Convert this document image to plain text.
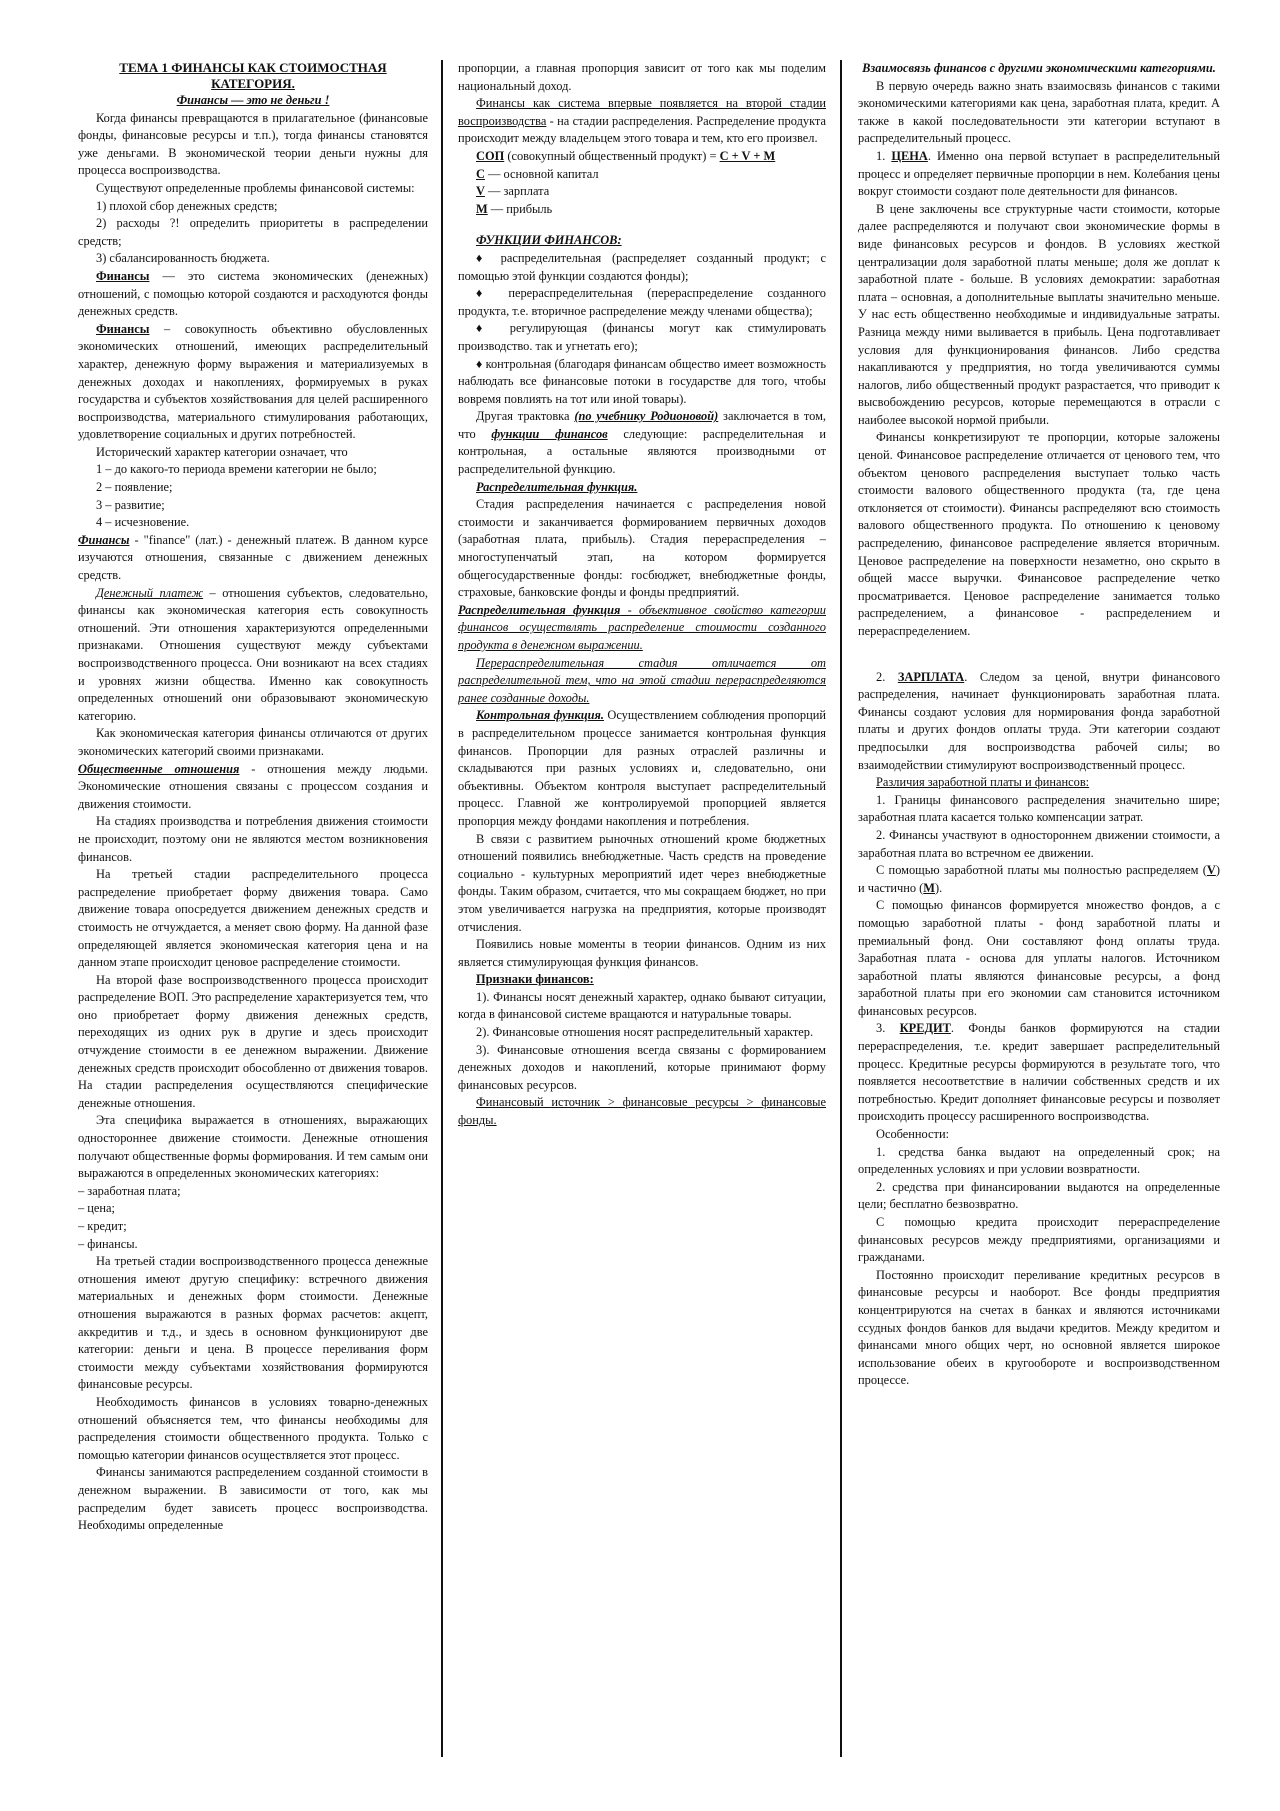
ТЕМА 1 ФИНАНСЫ КАК СТОИМОСТНАЯ КАТЕГОРИЯ.

Финансы — это не деньги !

Когда финансы превращаются в прилагательное (финансовые фонды, финансовые ресурсы и т.п.), тогда финансы становятся уже деньгами. В экономической теории деньги нужны для процесса воспроизводства.

Существуют определенные проблемы финансовой системы:

1) плохой сбор денежных средств;

2) расходы ?! определить приоритеты в распределении средств;

3) сбалансированность бюджета.

Финансы — это система экономических (денежных) отношений, с помощью которой создаются и расходуются фонды денежных средств.

Финансы – совокупность объективно обусловленных экономических отношений, имеющих распределительный характер, денежную форму выражения и материализуемых в денежных доходах и накоплениях, формируемых в руках государства и субъектов хозяйствования для целей расширенного воспроизводства, материального стимулирования работающих, удовлетворение социальных и других потребностей.

Исторический характер категории означает, что

1 – до какого-то периода времени категории не было;

2 – появление;

3 – развитие;

4 – исчезновение.

Финансы - "finance" (лат.) - денежный платеж. В данном курсе изучаются отношения, связанные с движением денежных средств.

Денежный платеж – отношения субъектов, следовательно, финансы как экономическая категория есть совокупность отношений. Эти отношения характеризуются определенными признаками. Отношения существуют между субъектами воспроизводственного процесса. Они возникают на всех стадиях и уровнях жизни общества. Именно как совокупность определенных отношений они образовывают экономическую категорию.

Как экономическая категория финансы отличаются от других экономических категорий своими признаками.

Общественные отношения - отношения между людьми. Экономические отношения связаны с процессом создания и движения стоимости.

На стадиях производства и потребления движения стоимости не происходит, поэтому они не являются местом возникновения финансов.

На третьей стадии распределительного процесса распределение приобретает форму движения товара. Само движение товара опосредуется движением денежных средств и стоимость не отчуждается, а меняет свою форму. На данной фазе определяющей является экономическая категория цена и на данном этапе происходит ценовое распределение стоимости.

На второй фазе воспроизводственного процесса происходит распределение ВОП. Это распределение характеризуется тем, что оно приобретает форму движения денежных средств, переходящих из одних рук в другие и здесь происходит отчуждение стоимости в ее денежном выражении. Движение денежных средств происходит обособленно от движения товаров. На стадии распределения осуществляются специфические денежные отношения.

Эта специфика выражается в отношениях, выражающих одностороннее движение стоимости. Денежные отношения получают общественные формы формирования. И тем самым они выражаются в определенных экономических категориях:

– заработная плата;

– цена;

– кредит;

– финансы.

На третьей стадии воспроизводственного процесса денежные отношения имеют другую специфику: встречного движения материальных и денежных форм стоимости. Денежные отношения выражаются в разных формах расчетов: акцепт, аккредитив и т.д., и здесь в основном функционируют две категории: деньги и цена. В процессе переливания форм стоимости между субъектами хозяйствования формируются финансовые ресурсы.

Необходимость финансов в условиях товарно-денежных отношений объясняется тем, что финансы необходимы для распределения стоимости общественного продукта. Только с помощью категории финансов осуществляется этот процесс.

Финансы занимаются распределением созданной стоимости в денежном выражении. В зависимости от того, как мы распределим будет зависеть процесс воспроизводства. Необходимы определенные

пропорции, а главная пропорция зависит от того как мы поделим национальный доход.

Финансы как система впервые появляется на второй стадии воспроизводства - на стадии распределения. Распределение продукта происходит между владельцем этого товара и тем, кто его произвел.

СОП (совокупный общественный продукт) = C + V + M

C — основной капитал

V — зарплата

M — прибыль

ФУНКЦИИ ФИНАНСОВ:

♦ распределительная (распределяет созданный продукт; с помощью этой функции создаются фонды);

♦ перераспределительная (перераспределение созданного продукта, т.е. вторичное распределение между членами общества);

♦ регулирующая (финансы могут как стимулировать производство. так и угнетать его);

♦ контрольная (благодаря финансам общество имеет возможность наблюдать все финансовые потоки в государстве для того, чтобы вовремя повлиять на тот или иной товары).

Другая трактовка (по учебнику Родионовой) заключается в том, что функции финансов следующие: распределительная и контрольная, а остальные являются производными от распределительной функцию.

Распределительная функция.

Стадия распределения начинается с распределения новой стоимости и заканчивается формированием первичных доходов (заработная плата, прибыль). Стадия перераспределения – многоступенчатый этап, на котором формируется общегосударственные фонды: госбюджет, внебюджетные фонды, страховые, банковские фонды и фонды предприятий.

Распределительная функция - объективное свойство категории финансов осуществлять распределение стоимости созданного продукта в денежном выражении.

Перераспределительная стадия отличается от распределительной тем, что на этой стадии перераспределяются ранее созданные доходы.

Контрольная функция. Осуществлением соблюдения пропорций в распределительном процессе занимается контрольная функция финансов. Пропорции для разных отраслей различны и складываются при разных условиях и, следовательно, они объективны. Объектом контроля выступает распределительный процесс. Главной же контролируемой пропорцией является пропорция между фондами накопления и потребления.

В связи с развитием рыночных отношений кроме бюджетных отношений появились внебюджетные. Часть средств на проведение социально - культурных мероприятий идет через внебюджетные фонды. Таким образом, считается, что мы сокращаем бюджет, но при этом увеличивается нагрузка на предприятия, которые производят отчисления.

Появились новые моменты в теории финансов. Одним из них является стимулирующая функция финансов.

Признаки финансов:

1). Финансы носят денежный характер, однако бывают ситуации, когда в финансовой системе вращаются и натуральные товары.

2). Финансовые отношения носят распределительный характер.

3). Финансовые отношения всегда связаны с формированием денежных доходов и накоплений, которые принимают форму финансовых ресурсов.

Финансовый источник > финансовые ресурсы > финансовые фонды.

Взаимосвязь финансов с другими экономическими категориями.

В первую очередь важно знать взаимосвязь финансов с такими экономическими категориями как цена, заработная плата, кредит. А также в какой последовательности эти категории вступают в распределительный процесс.

1. ЦЕНА. Именно она первой вступает в распределительный процесс и определяет первичные пропорции в нем. Колебания цены вокруг стоимости создают поле деятельности для финансов.

В цене заключены все структурные части стоимости, которые далее распределяются и получают свои экономические формы в виде финансовых ресурсов и фондов. В условиях жесткой централизации доля заработной платы меньше; доля же доплат к заработной плате - больше. В условиях демократии: заработная плата – основная, а дополнительные выплаты значительно меньше. У нас есть общественно необходимые и индивидуальные затраты. Разница между ними выливается в прибыль. Цена подготавливает условия для функционирования финансов. Либо средства накапливаются у предприятия, но тогда увеличиваются суммы налогов, либо общественный продукт разрастается, что приводит к высвобождению ресурсов, которые перемещаются в отрасли с наиболее высокой нормой прибыли.

Финансы конкретизируют те пропорции, которые заложены ценой. Финансовое распределение отличается от ценового тем, что объектом ценового распределения выступает только часть стоимости валового общественного продукта (та, где цена отклоняется от стоимости). Финансы распределяют всю стоимость валового общественного продукта. По отношению к ценовому распределению, финансовое распределение является вторичным. Ценовое распределение на поверхности незаметно, оно скрыто в общей массе выручки. Финансовое распределение четко просматривается. Ценовое распределение занимается только распределением, а финансовое - распределением и перераспределением.

2. ЗАРПЛАТА. Следом за ценой, внутри финансового распределения, начинает функционировать заработная плата. Финансы создают условия для нормирования фонда заработной платы и других фондов оплаты труда. Эти категории создают предпосылки для воспроизводства рабочей силы; во взаимодействии стимулируют воспроизводственный процесс.

Различия заработной платы и финансов:

1. Границы финансового распределения значительно шире; заработная плата касается только компенсации затрат.

2. Финансы участвуют в одностороннем движении стоимости, а заработная плата во встречном ее движении.

С помощью заработной платы мы полностью распределяем (V) и частично (M).

С помощью финансов формируется множество фондов, а с помощью заработной платы - фонд заработной платы и премиальный фонд. Они составляют фонд оплаты труда. Заработная плата - основа для уплаты налогов. Источником заработной платы являются финансовые ресурсы, а фонд заработной платы при его экономии сам становится источником финансовых ресурсов.

3. КРЕДИТ. Фонды банков формируются на стадии перераспределения, т.е. кредит завершает распределительный процесс. Кредитные ресурсы формируются в результате того, что появляется несоответствие в наличии собственных средств и их потребностью. Кредит дополняет финансовые ресурсы и позволяет происходить процессу расширенного воспроизводства.

Особенности:

1. средства банка выдают на определенный срок; на определенных условиях и при условии возвратности.

2. средства при финансировании выдаются на определенные цели; бесплатно безвозвратно.

С помощью кредита происходит перераспределение финансовых ресурсов между предприятиями, организациями и гражданами.

Постоянно происходит переливание кредитных ресурсов в финансовые ресурсы и наоборот. Все фонды предприятия концентрируются на счетах в банках и являются источниками ссудных фондов банков для выдачи кредитов. Между кредитом и финансами много общих черт, но основной является широкое использование обеих в кругообороте и воспроизводственном процессе.
